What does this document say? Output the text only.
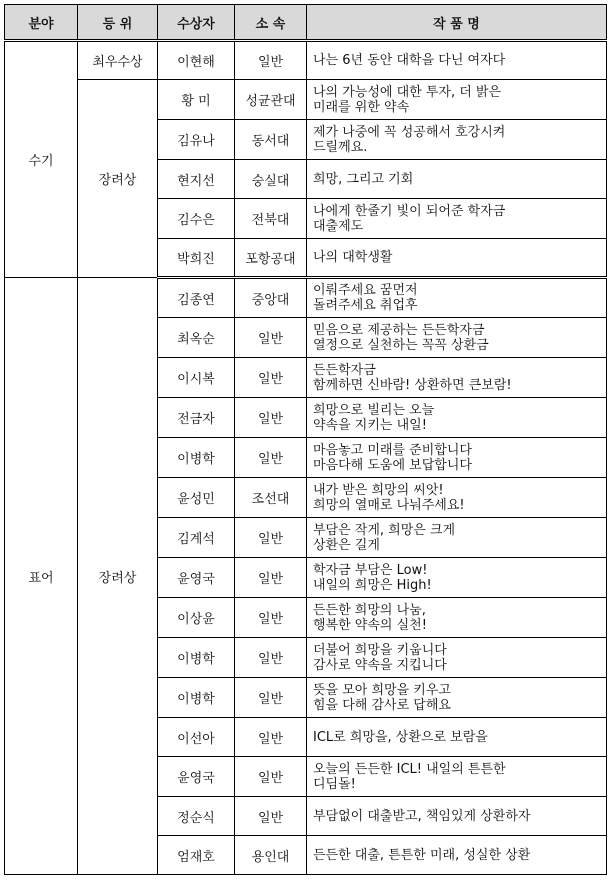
분야	등 위	수상자	소 속	작 품 명
수기	최우수상	이현해	일반	나는 6년 동안 대학을 다닌 여자다

	장려상	황 미	성균관대	나의 가능성에 대한 투자, 더 밝은
미래를 위한 약속

		김유나	동서대	제가 나중에 꼭 성공해서 호강시켜
드릴께요.

		현지선	숭실대	희망, 그리고 기회

		김수은	전북대	나에게 한줄기 빛이 되어준 학자금
대출제도

		박희진	포항공대	나의 대학생활

표어	장려상	김종연	중앙대	이뤄주세요 꿈먼저
돌려주세요 취업후

		최옥순	일반	믿음으로 제공하는 든든학자금
열정으로 실천하는 꼭꼭 상환금

		이시복	일반	든든학자금
함께하면 신바람! 상환하면 큰보람!

		전금자	일반	희망으로 빌리는 오늘
약속을 지키는 내일!

		이병학	일반	마음놓고 미래를 준비합니다
마음다해 도움에 보답합니다

		윤성민	조선대	내가 받은 희망의 씨앗!
희망의 열매로 나눠주세요!

		김계석	일반	부담은 작게, 희망은 크게
상환은 길게

		윤영국	일반	학자금 부담은 Low!
내일의 희망은 High!

		이상윤	일반	든든한 희망의 나눔,
행복한 약속의 실천!

		이병학	일반	더불어 희망을 키웁니다
감사로 약속을 지킵니다

		이병학	일반	뜻을 모아 희망을 키우고
힘을 다해 감사로 답해요

		이선아	일반	ICL로 희망을, 상환으로 보람을

		윤영국	일반	오늘의 든든한 ICL! 내일의 튼튼한
디딤돌!

		정순식	일반	부담없이 대출받고, 책임있게 상환하자

		엄재호	용인대	든든한 대출, 튼튼한 미래, 성실한 상환
